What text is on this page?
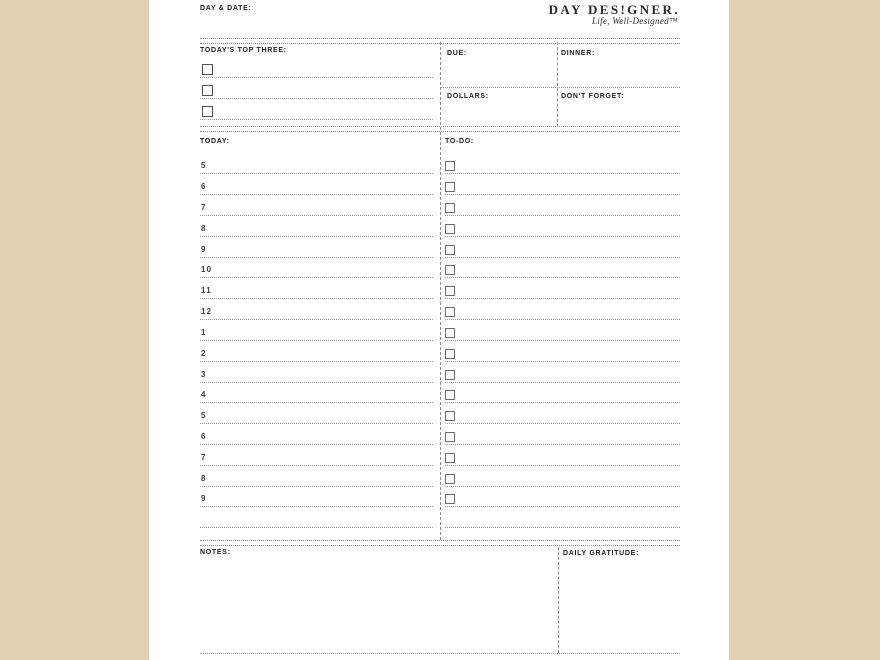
DAY & DATE:	DAY DES!GNER.
Life, Well-Designed™
TODAY'S TOP THREE:	DUE:	DINNER:
DOLLARS:	DON'T FORGET:
TODAY:	TO-DO:
5
6
7
8
9
10
11
12
1
2
3
4
5
6
7
8
9
NOTES:	DAILY GRATITUDE:
